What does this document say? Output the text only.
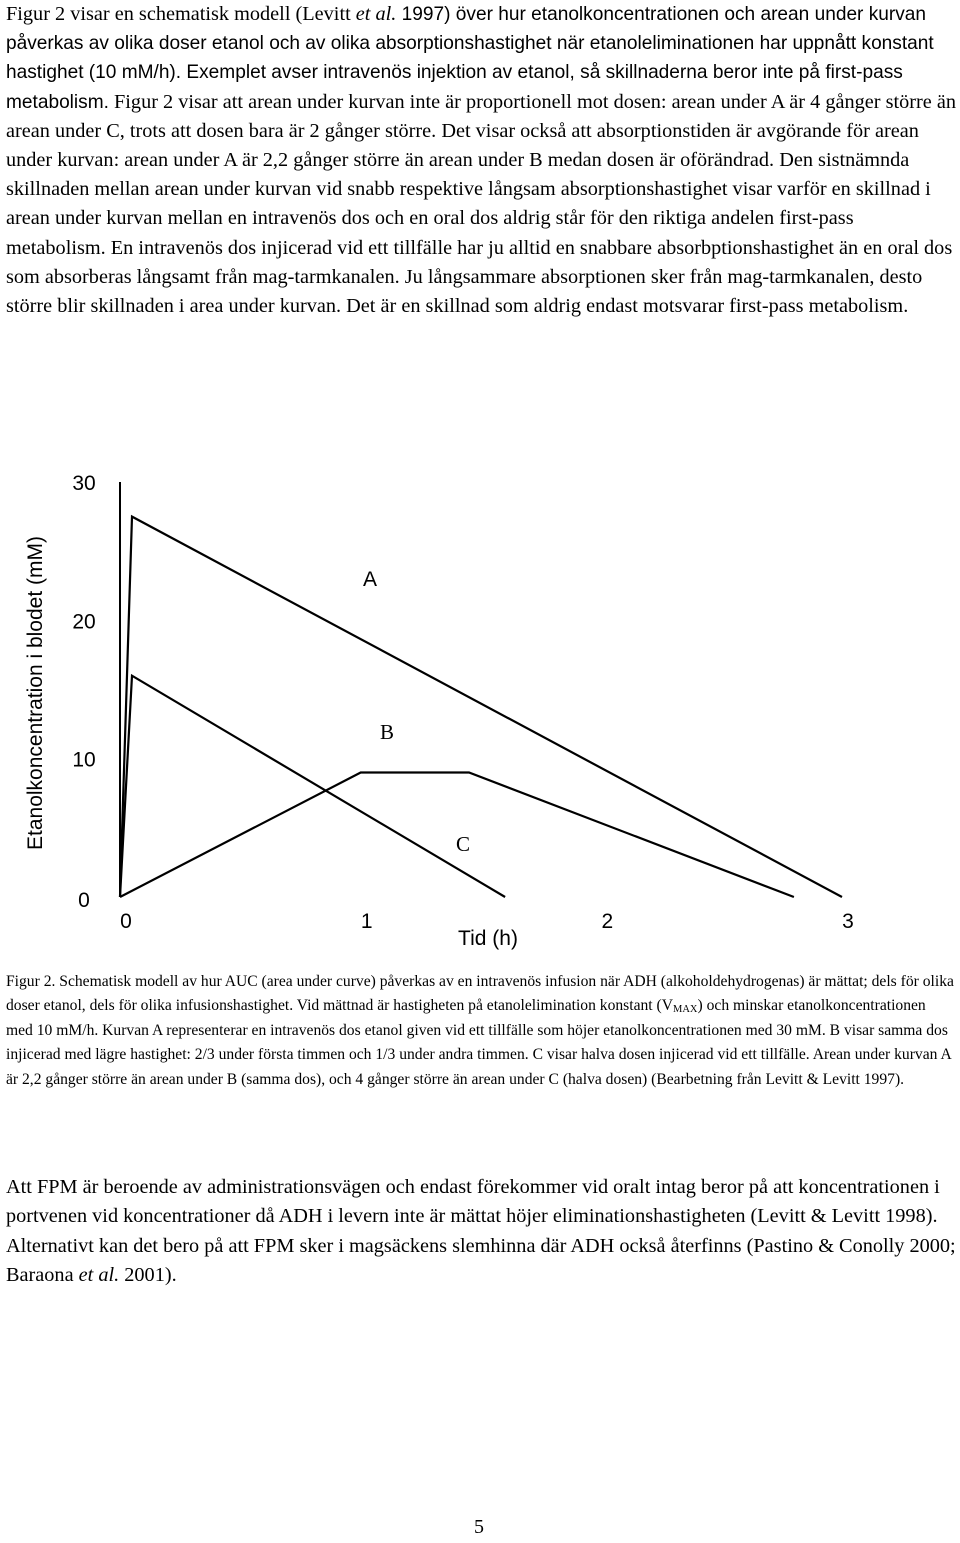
Figur 2 visar en schematisk modell (Levitt et al. 1997) över hur etanolkoncentrationen och arean under kurvan påverkas av olika doser etanol och av olika absorptionshastighet när etanoleliminationen har uppnått konstant hastighet (10 mM/h). Exemplet avser intravenös injektion av etanol, så skillnaderna beror inte på first-pass metabolism. Figur 2 visar att arean under kurvan inte är proportionell mot dosen: arean under A är 4 gånger större än arean under C, trots att dosen bara är 2 gånger större. Det visar också att absorptionstiden är avgörande för arean under kurvan: arean under A är 2,2 gånger större än arean under B medan dosen är oförändrad. Den sistnämnda skillnaden mellan arean under kurvan vid snabb respektive långsam absorptionshastighet visar varför en skillnad i arean under kurvan mellan en intravenös dos och en oral dos aldrig står för den riktiga andelen first-pass metabolism. En intravenös dos injicerad vid ett tillfälle har ju alltid en snabbare absorbptionshastighet än en oral dos som absorberas långsamt från mag-tarmkanalen. Ju långsammare absorptionen sker från mag-tarmkanalen, desto större blir skillnaden i area under kurvan. Det är en skillnad som aldrig endast motsvarar first-pass metabolism.

0
10
20
30
0	1	2	3
Tid (h)
Etanolkoncentration i blodet (mM)	A
B
C

Figur 2. Schematisk modell av hur AUC (area under curve) påverkas av en intravenös infusion när ADH (alkoholdehydrogenas) är mättat; dels för olika doser etanol, dels för olika infusionshastighet. Vid mättnad är hastigheten på etanolelimination konstant $(V_{MAX})$ och minskar etanolkoncentrationen med 10 mM/h. Kurvan A representerar en intravenös dos etanol given vid ett tillfälle som höjer etanolkoncentrationen med 30 mM. B visar samma dos injicerad med lägre hastighet: 2/3 under första timmen och 1/3 under andra timmen. C visar halva dosen injicerad vid ett tillfälle. Arean under kurvan A är 2,2 gånger större än arean under B (samma dos), och 4 gånger större än arean under C (halva dosen) (Bearbetning från Levitt & Levitt 1997).

Att FPM är beroende av administrationsvägen och endast förekommer vid oralt intag beror på att koncentrationen i portvenen vid koncentrationer då ADH i levern inte är mättat höjer eliminationshastigheten (Levitt & Levitt 1998). Alternativt kan det bero på att FPM sker i magsäckens slemhinna där ADH också återfinns (Pastino & Conolly 2000; Baraona et al. 2001).

5
